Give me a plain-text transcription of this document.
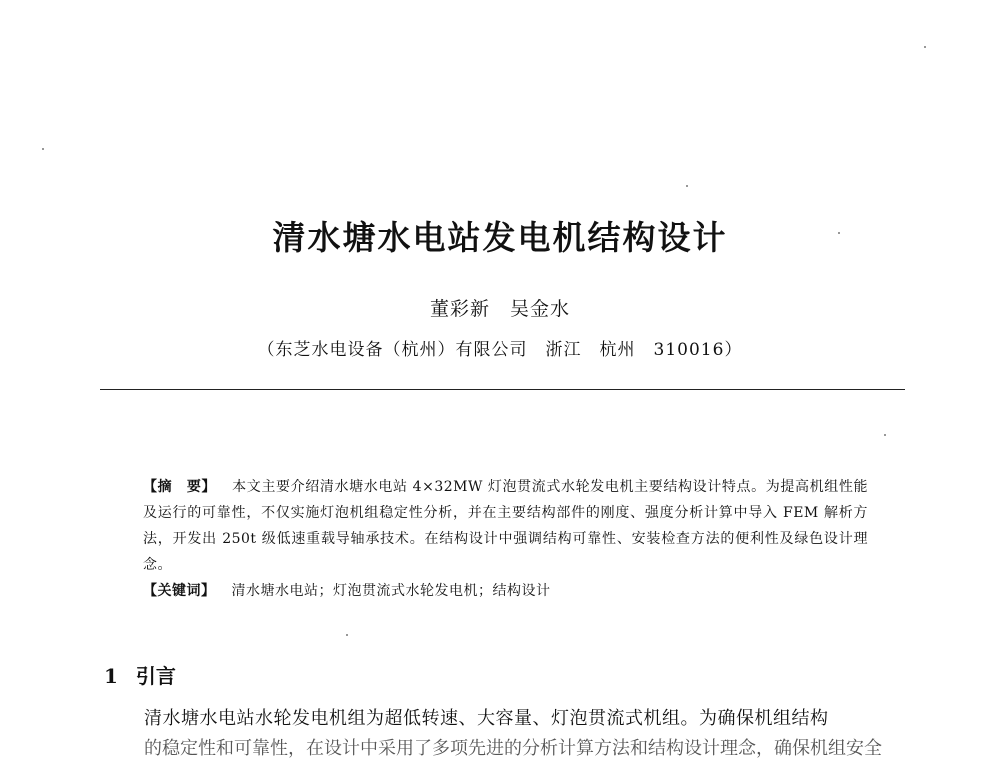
清水塘水电站发电机结构设计
董彩新　吴金水
（东芝水电设备（杭州）有限公司　浙江　杭州　310016）

【摘　要】 本文主要介绍清水塘水电站 4×32MW 灯泡贯流式水轮发电机主要结构设计特点。为提高机组性能及运行的可靠性，不仅实施灯泡机组稳定性分析，并在主要结构部件的刚度、强度分析计算中导入 FEM 解析方法，开发出 250t 级低速重载导轴承技术。在结构设计中强调结构可靠性、安装检查方法的便利性及绿色设计理念。

【关键词】 清水塘水电站；灯泡贯流式水轮发电机；结构设计

1 引言
清水塘水电站水轮发电机组为超低转速、大容量、灯泡贯流式机组。为确保机组结构
的稳定性和可靠性，在设计中采用了多项先进的分析计算方法和结构设计理念，确保机组安全
